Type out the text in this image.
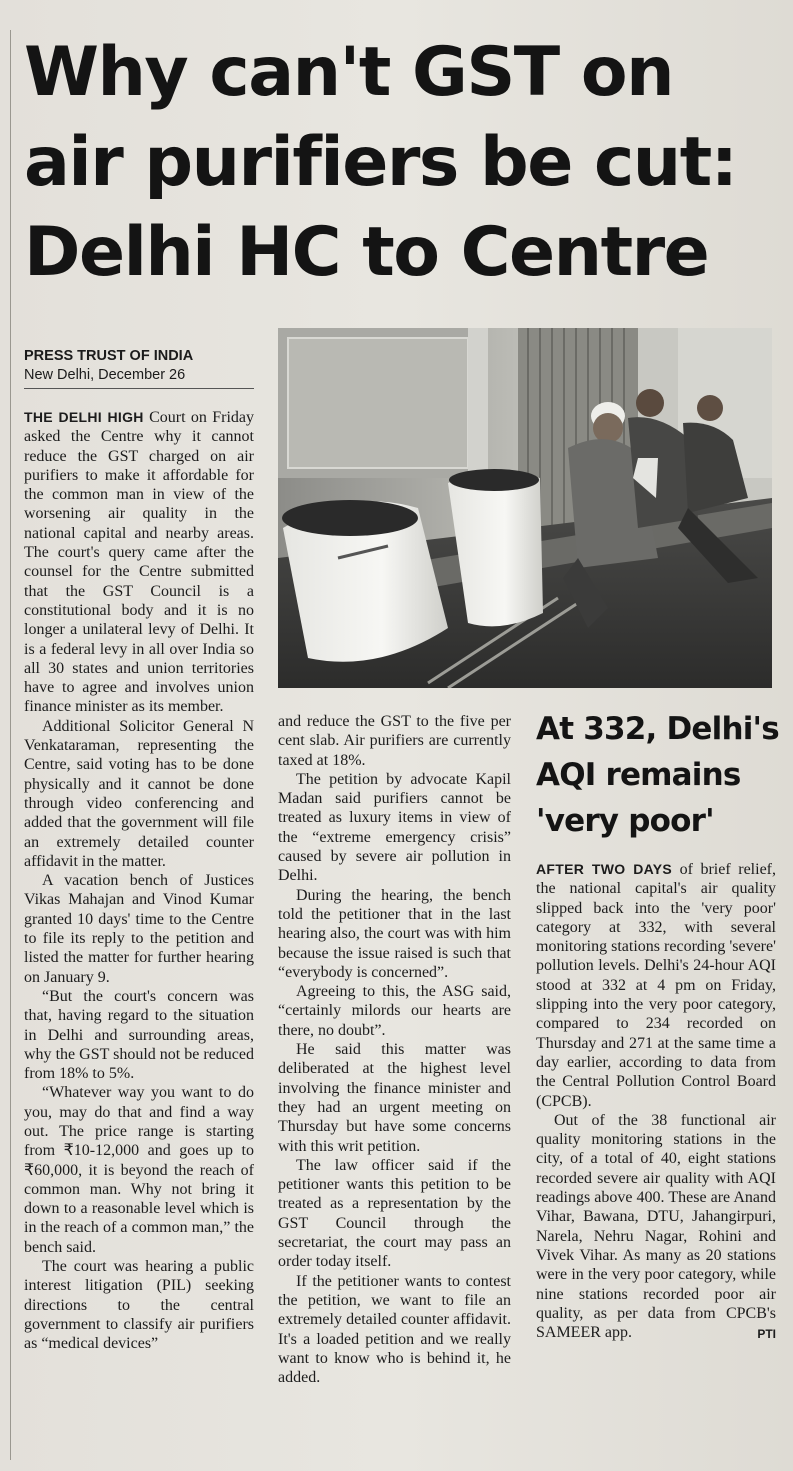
Why can't GST on air purifiers be cut: Delhi HC to Centre
PRESS TRUST OF INDIA
New Delhi, December 26

THE DELHI HIGH Court on Friday asked the Centre why it cannot reduce the GST charged on air purifiers to make it affordable for the common man in view of the worsening air quality in the national capital and nearby areas. The court's query came after the counsel for the Centre submitted that the GST Council is a constitutional body and it is no longer a unilateral levy of Delhi. It is a federal levy in all over India so all 30 states and union territories have to agree and involves union finance minister as its member.

Additional Solicitor General N Venkataraman, representing the Centre, said voting has to be done physically and it cannot be done through video conferencing and added that the government will file an extremely detailed counter affidavit in the matter.

A vacation bench of Justices Vikas Mahajan and Vinod Kumar granted 10 days' time to the Centre to file its reply to the petition and listed the matter for further hearing on January 9.

“But the court's concern was that, having regard to the situation in Delhi and surrounding areas, why the GST should not be reduced from 18% to 5%.

“Whatever way you want to do you, may do that and find a way out. The price range is starting from ₹10-12,000 and goes up to ₹60,000, it is beyond the reach of common man. Why not bring it down to a reasonable level which is in the reach of a common man,” the bench said.

The court was hearing a public interest litigation (PIL) seeking directions to the central government to classify air purifiers as “medical devices”

and reduce the GST to the five per cent slab. Air purifiers are currently taxed at 18%.

The petition by advocate Kapil Madan said purifiers cannot be treated as luxury items in view of the “extreme emergency crisis” caused by severe air pollution in Delhi.

During the hearing, the bench told the petitioner that in the last hearing also, the court was with him because the issue raised is such that “everybody is concerned”.

Agreeing to this, the ASG said, “certainly milords our hearts are there, no doubt”.

He said this matter was deliberated at the highest level involving the finance minister and they had an urgent meeting on Thursday but have some concerns with this writ petition.

The law officer said if the petitioner wants this petition to be treated as a representation by the GST Council through the secretariat, the court may pass an order today itself.

If the petitioner wants to contest the petition, we want to file an extremely detailed counter affidavit. It's a loaded petition and we really want to know who is behind it, he added.

At 332, Delhi's AQI remains 'very poor'

AFTER TWO DAYS of brief relief, the national capital's air quality slipped back into the 'very poor' category at 332, with several monitoring stations recording 'severe' pollution levels. Delhi's 24-hour AQI stood at 332 at 4 pm on Friday, slipping into the very poor category, compared to 234 recorded on Thursday and 271 at the same time a day earlier, according to data from the Central Pollution Control Board (CPCB).

Out of the 38 functional air quality monitoring stations in the city, of a total of 40, eight stations recorded severe air quality with AQI readings above 400. These are Anand Vihar, Bawana, DTU, Jahangirpuri, Narela, Nehru Nagar, Rohini and Vivek Vihar. As many as 20 stations were in the very poor category, while nine stations recorded poor air quality, as per data from CPCB's SAMEER app.	PTI
